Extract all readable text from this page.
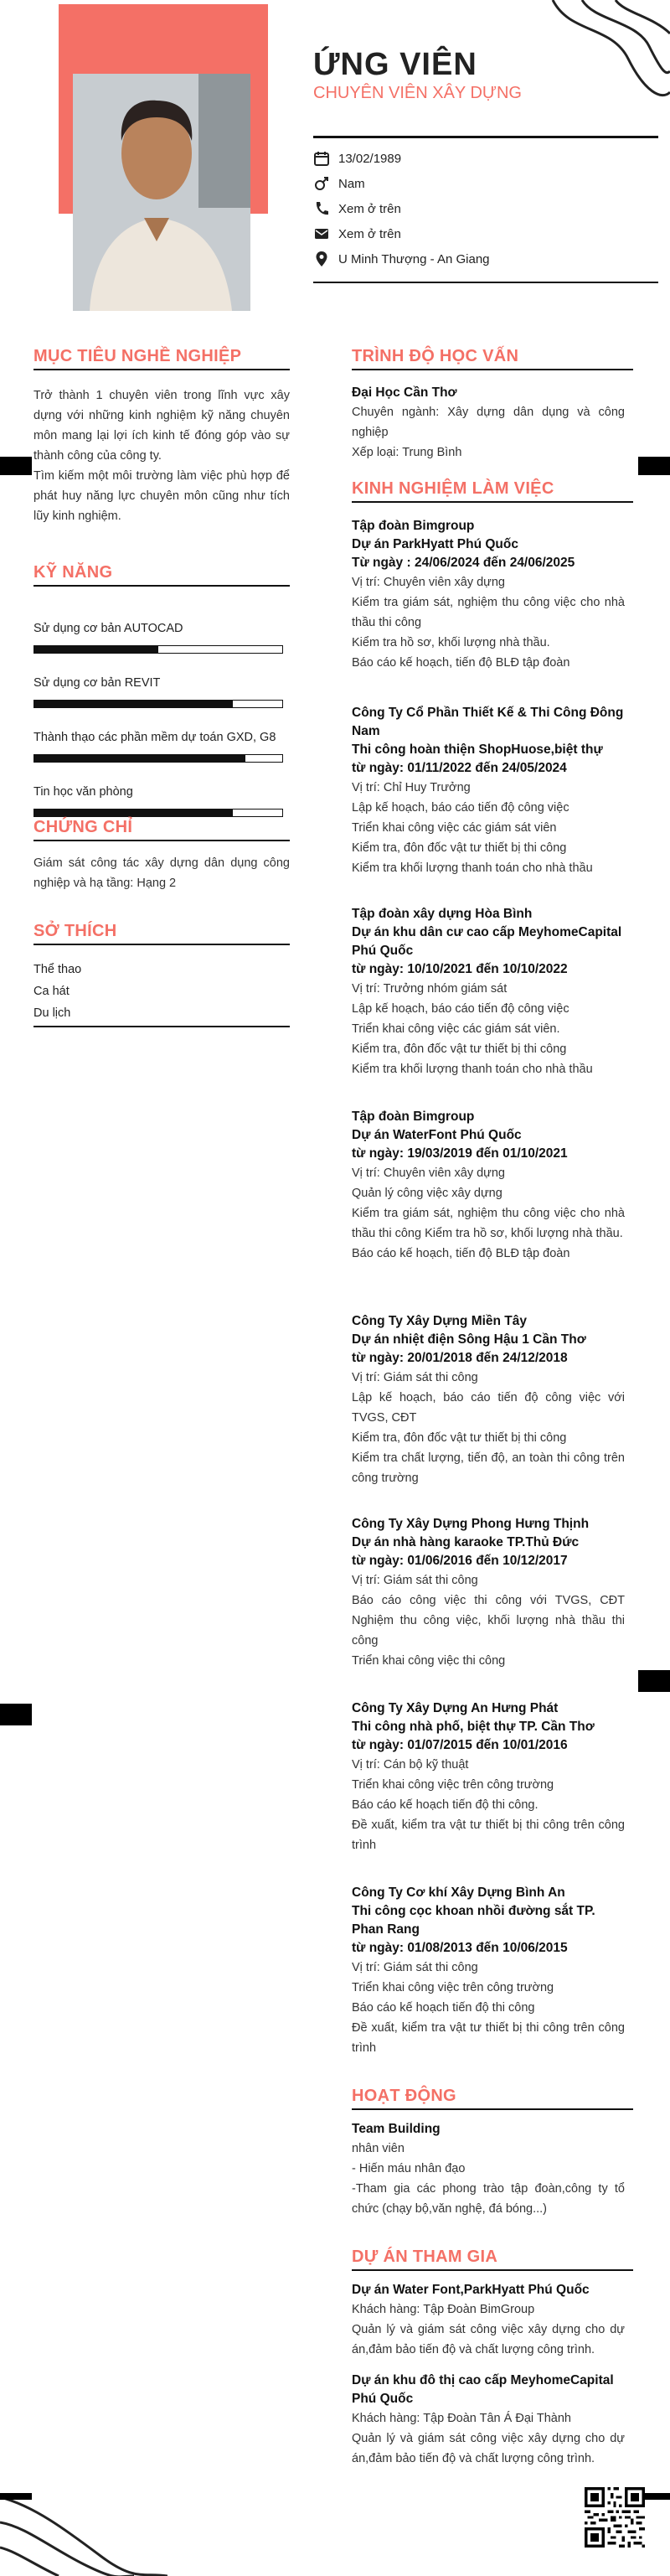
ỨNG VIÊN
CHUYÊN VIÊN XÂY DỰNG
13/02/1989
Nam
Xem ở trên
Xem ở trên
U Minh Thượng - An Giang
MỤC TIÊU NGHỀ NGHIỆP
Trở thành 1 chuyên viên trong lĩnh vực xây dựng với những kinh nghiệm kỹ năng chuyên môn mang lại lợi ích kinh tế đóng góp vào sự thành công của công ty.
Tìm kiếm một môi trường làm việc phù hợp để phát huy năng lực chuyên môn cũng như tích lũy kinh nghiệm.
KỸ NĂNG
Sử dụng cơ bản AUTOCAD
Sử dụng cơ bản REVIT
Thành thạo các phần mềm dự toán GXD, G8
Tin học văn phòng
CHỨNG CHỈ
Giám sát công tác xây dựng dân dụng công nghiệp và hạ tầng: Hạng 2
SỞ THÍCH
Thể thao
Ca hát
Du lịch
TRÌNH ĐỘ HỌC VẤN
Đại Học Cần Thơ
Chuyên ngành: Xây dựng dân dụng và công nghiệp
Xếp loại: Trung Bình
KINH NGHIỆM LÀM VIỆC
Tập đoàn Bimgroup
Dự án ParkHyatt Phú Quốc
Từ ngày : 24/06/2024 đến 24/06/2025
Vị trí: Chuyên viên xây dựng
Kiểm tra giám sát, nghiệm thu công việc cho nhà thầu thi công
Kiểm tra hồ sơ, khối lượng nhà thầu.
Báo cáo kế hoạch, tiến độ BLĐ tập đoàn
Công Ty Cổ Phần Thiết Kế & Thi Công Đông Nam
Thi công hoàn thiện ShopHuose,biệt thự
từ ngày: 01/11/2022 đến 24/05/2024
Vị trí: Chỉ Huy Trưởng
Lập kế hoạch, báo cáo tiến độ công việc
Triển khai công việc các giám sát viên
Kiểm tra, đôn đốc vật tư thiết bị thi công
Kiểm tra khối lượng thanh toán cho nhà thầu
Tập đoàn xây dựng Hòa Bình
Dự án khu dân cư cao cấp MeyhomeCapital Phú Quốc
từ ngày: 10/10/2021 đến 10/10/2022
Vị trí: Trưởng nhóm giám sát
Lập kế hoạch, báo cáo tiến độ công việc
Triển khai công việc các giám sát viên.
Kiểm tra, đôn đốc vật tư thiết bị thi công
Kiểm tra khối lượng thanh toán cho nhà thầu
Tập đoàn Bimgroup
Dự án WaterFont Phú Quốc
từ ngày: 19/03/2019 đến 01/10/2021
Vị trí: Chuyên viên xây dựng
Quản lý công việc xây dựng
Kiểm tra giám sát, nghiệm thu công việc cho nhà thầu thi công Kiểm tra hồ sơ, khối lượng nhà thầu.
Báo cáo kế hoạch, tiến độ BLĐ tập đoàn
Công Ty Xây Dựng Miền Tây
Dự án nhiệt điện Sông Hậu 1 Cần Thơ
từ ngày: 20/01/2018 đến 24/12/2018
Vị trí: Giám sát thi công
Lập kế hoạch, báo cáo tiến độ công việc với TVGS, CĐT
Kiểm tra, đôn đốc vật tư thiết bị thi công
Kiểm tra chất lượng, tiến độ, an toàn thi công trên công trường
Công Ty Xây Dựng Phong Hưng Thịnh
Dự án nhà hàng karaoke TP.Thủ Đức
từ ngày: 01/06/2016 đến 10/12/2017
Vị trí: Giám sát thi công
Báo cáo công việc thi công với TVGS, CĐT Nghiệm thu công việc, khối lượng nhà thầu thi công
Triển khai công việc thi công
Công Ty Xây Dựng An Hưng Phát
Thi công nhà phố, biệt thự TP. Cần Thơ
từ ngày: 01/07/2015 đến 10/01/2016
Vị trí: Cán bộ kỹ thuật
Triển khai công việc trên công trường
Báo cáo kế hoạch tiến độ thi công.
Đề xuất, kiểm tra vật tư thiết bị thi công trên công trình
Công Ty Cơ khí Xây Dựng Bình An
Thi công cọc khoan nhồi đường sắt TP. Phan Rang
từ ngày: 01/08/2013 đến 10/06/2015
Vị trí: Giám sát thi công
Triển khai công việc trên công trường
Báo cáo kế hoạch tiến độ thi công
Đề xuất, kiểm tra vật tư thiết bị thi công trên công trình
HOẠT ĐỘNG
Team Building
nhân viên
- Hiến máu nhân đạo
-Tham gia các phong trào tập đoàn,công ty tổ chức (chạy bộ,văn nghệ, đá bóng...)
DỰ ÁN THAM GIA
Dự án Water Font,ParkHyatt Phú Quốc
Khách hàng: Tập Đoàn BimGroup
Quản lý và giám sát công việc xây dựng cho dự án,đảm bảo tiến độ và chất lượng công trình.
Dự án khu đô thị cao cấp MeyhomeCapital Phú Quốc
Khách hàng: Tập Đoàn Tân Á Đại Thành
Quản lý và giám sát công việc xây dựng cho dự án,đảm bảo tiến độ và chất lượng công trình.
